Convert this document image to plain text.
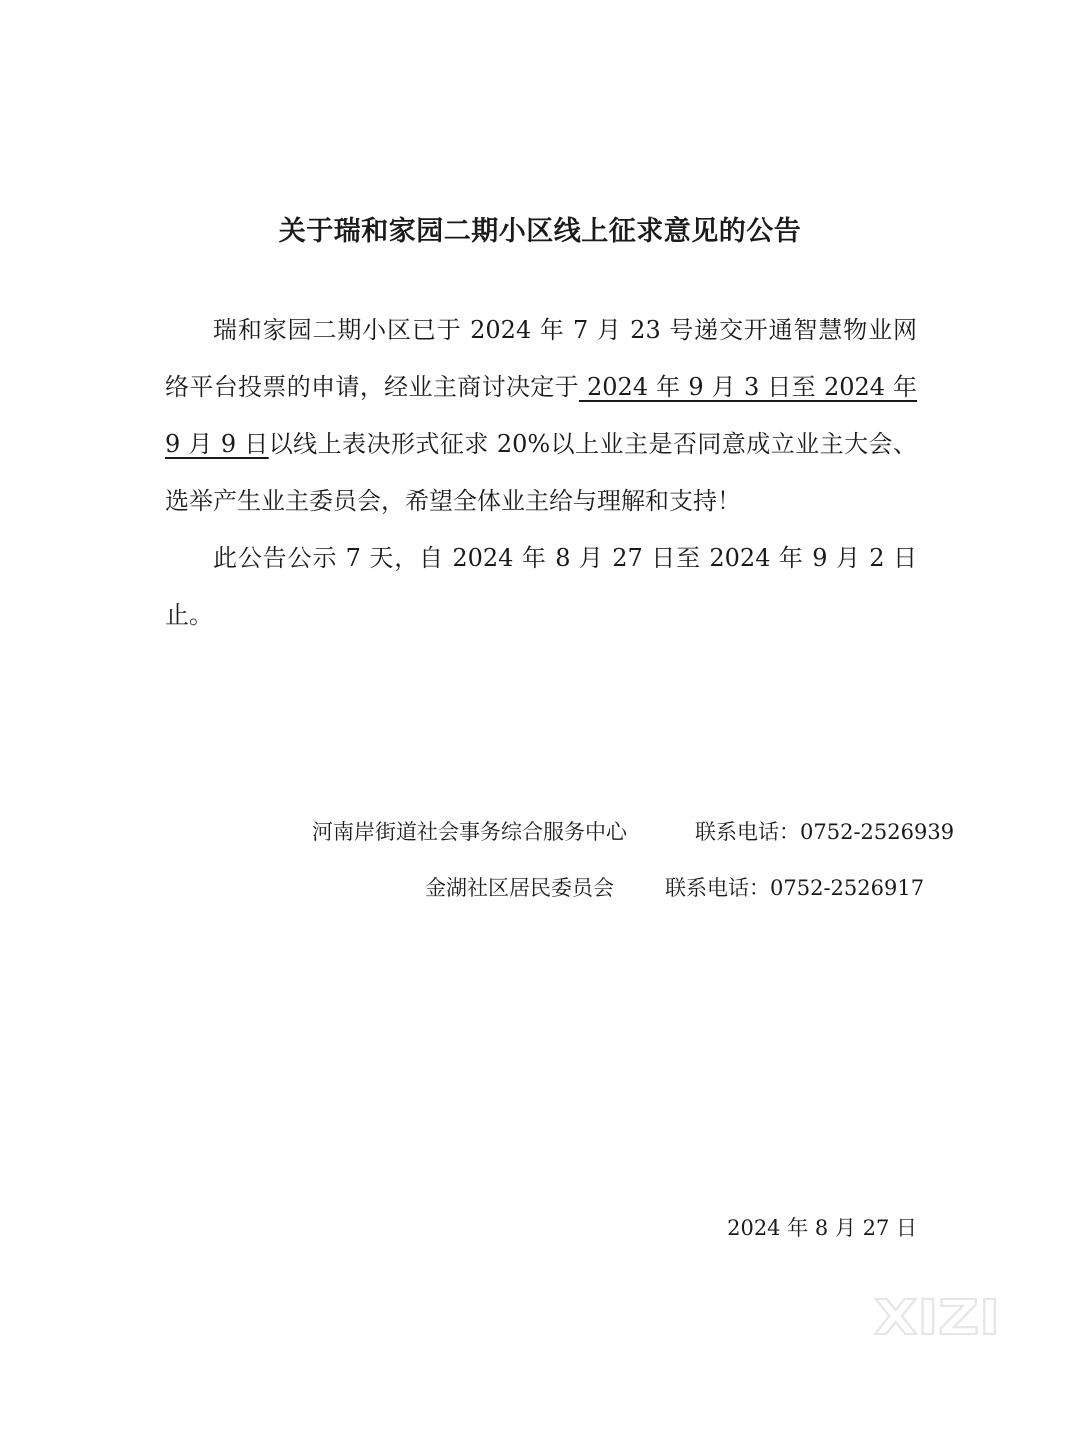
关于瑞和家园二期小区线上征求意见的公告

瑞和家园二期小区已于 2024 年 7 月 23 号递交开通智慧物业网络平台投票的申请，经业主商讨决定于 2024 年 9 月 3 日至 2024 年 9 月 9 日以线上表决形式征求 20%以上业主是否同意成立业主大会、选举产生业主委员会，希望全体业主给与理解和支持！

此公告公示 7 天，自 2024 年 8 月 27 日至 2024 年 9 月 2 日止。

河南岸街道社会事务综合服务中心	联系电话：0752-2526939
金湖社区居民委员会 联系电话：0752-2526917
2024 年 8 月 27 日
XIZI
